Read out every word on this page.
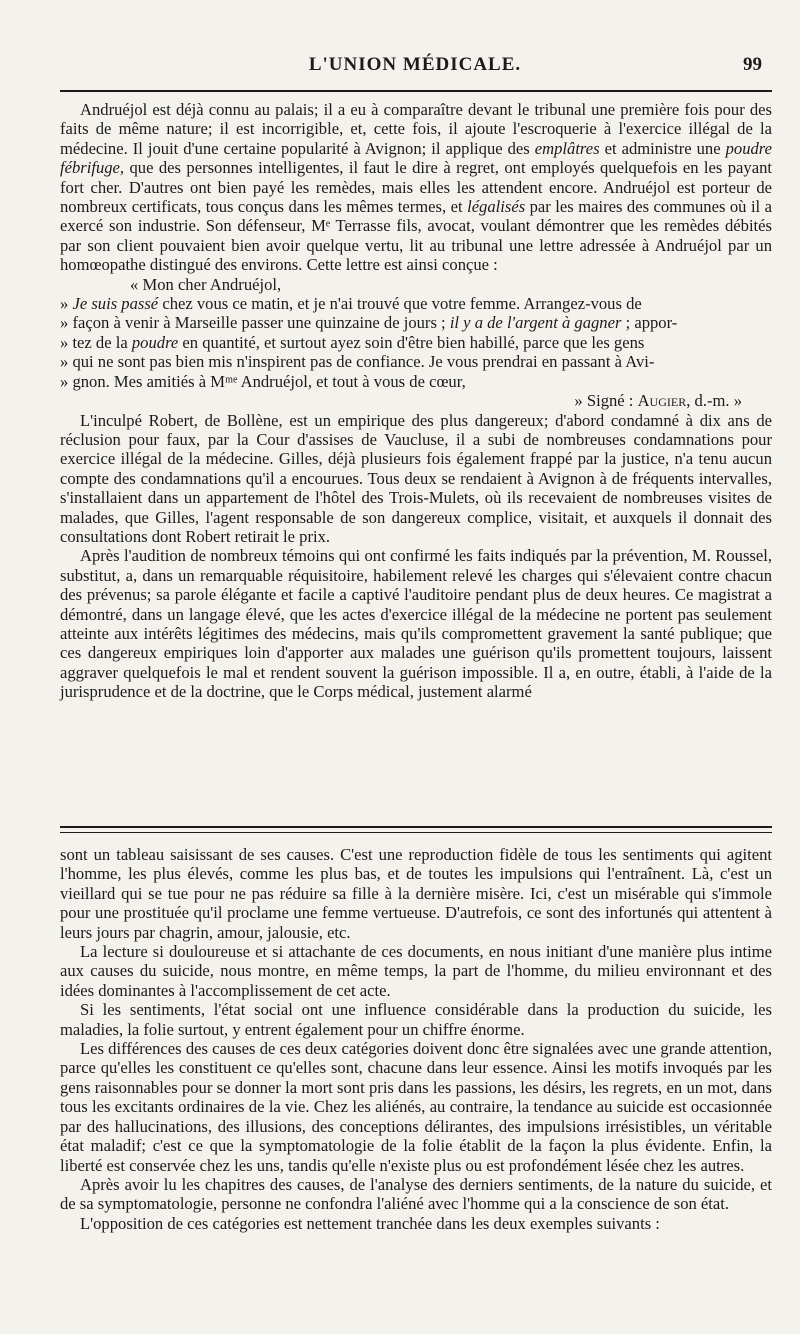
L'UNION MÉDICALE.	99

Andruéjol est déjà connu au palais; il a eu à comparaître devant le tribunal une première fois pour des faits de même nature; il est incorrigible, et, cette fois, il ajoute l'escroquerie à l'exercice illégal de la médecine. Il jouit d'une certaine popularité à Avignon; il applique des emplâtres et administre une poudre fébrifuge, que des personnes intelligentes, il faut le dire à regret, ont employés quelquefois en les payant fort cher. D'autres ont bien payé les remèdes, mais elles les attendent encore. Andruéjol est porteur de nombreux certificats, tous conçus dans les mêmes termes, et légalisés par les maires des communes où il a exercé son industrie. Son défenseur, Mᵉ Terrasse fils, avocat, voulant démontrer que les remèdes débités par son client pouvaient bien avoir quelque vertu, lit au tribunal une lettre adressée à Andruéjol par un homœopathe distingué des environs. Cette lettre est ainsi conçue :

« Mon cher Andruéjol,

» Je suis passé chez vous ce matin, et je n'ai trouvé que votre femme. Arrangez-vous de

» façon à venir à Marseille passer une quinzaine de jours ; il y a de l'argent à gagner ; appor-

» tez de la poudre en quantité, et surtout ayez soin d'être bien habillé, parce que les gens

» qui ne sont pas bien mis n'inspirent pas de confiance. Je vous prendrai en passant à Avi-

» gnon. Mes amitiés à Mᵐᵉ Andruéjol, et tout à vous de cœur,

» Signé : Augier, d.-m. »

L'inculpé Robert, de Bollène, est un empirique des plus dangereux; d'abord condamné à dix ans de réclusion pour faux, par la Cour d'assises de Vaucluse, il a subi de nombreuses condamnations pour exercice illégal de la médecine. Gilles, déjà plusieurs fois également frappé par la justice, n'a tenu aucun compte des condamnations qu'il a encourues. Tous deux se rendaient à Avignon à de fréquents intervalles, s'installaient dans un appartement de l'hôtel des Trois-Mulets, où ils recevaient de nombreuses visites de malades, que Gilles, l'agent responsable de son dangereux complice, visitait, et auxquels il donnait des consultations dont Robert retirait le prix.

Après l'audition de nombreux témoins qui ont confirmé les faits indiqués par la prévention, M. Roussel, substitut, a, dans un remarquable réquisitoire, habilement relevé les charges qui s'élevaient contre chacun des prévenus; sa parole élégante et facile a captivé l'auditoire pendant plus de deux heures. Ce magistrat a démontré, dans un langage élevé, que les actes d'exercice illégal de la médecine ne portent pas seulement atteinte aux intérêts légitimes des médecins, mais qu'ils compromettent gravement la santé publique; que ces dangereux empiriques loin d'apporter aux malades une guérison qu'ils promettent toujours, laissent aggraver quelquefois le mal et rendent souvent la guérison impossible. Il a, en outre, établi, à l'aide de la jurisprudence et de la doctrine, que le Corps médical, justement alarmé

sont un tableau saisissant de ses causes. C'est une reproduction fidèle de tous les sentiments qui agitent l'homme, les plus élevés, comme les plus bas, et de toutes les impulsions qui l'entraînent. Là, c'est un vieillard qui se tue pour ne pas réduire sa fille à la dernière misère. Ici, c'est un misérable qui s'immole pour une prostituée qu'il proclame une femme vertueuse. D'autrefois, ce sont des infortunés qui attentent à leurs jours par chagrin, amour, jalousie, etc.

La lecture si douloureuse et si attachante de ces documents, en nous initiant d'une manière plus intime aux causes du suicide, nous montre, en même temps, la part de l'homme, du milieu environnant et des idées dominantes à l'accomplissement de cet acte.

Si les sentiments, l'état social ont une influence considérable dans la production du suicide, les maladies, la folie surtout, y entrent également pour un chiffre énorme.

Les différences des causes de ces deux catégories doivent donc être signalées avec une grande attention, parce qu'elles les constituent ce qu'elles sont, chacune dans leur essence. Ainsi les motifs invoqués par les gens raisonnables pour se donner la mort sont pris dans les passions, les désirs, les regrets, en un mot, dans tous les excitants ordinaires de la vie. Chez les aliénés, au contraire, la tendance au suicide est occasionnée par des hallucinations, des illusions, des conceptions délirantes, des impulsions irrésistibles, un véritable état maladif; c'est ce que la symptomatologie de la folie établit de la façon la plus évidente. Enfin, la liberté est conservée chez les uns, tandis qu'elle n'existe plus ou est profondément lésée chez les autres.

Après avoir lu les chapitres des causes, de l'analyse des derniers sentiments, de la nature du suicide, et de sa symptomatologie, personne ne confondra l'aliéné avec l'homme qui a la conscience de son état.

L'opposition de ces catégories est nettement tranchée dans les deux exemples suivants :
